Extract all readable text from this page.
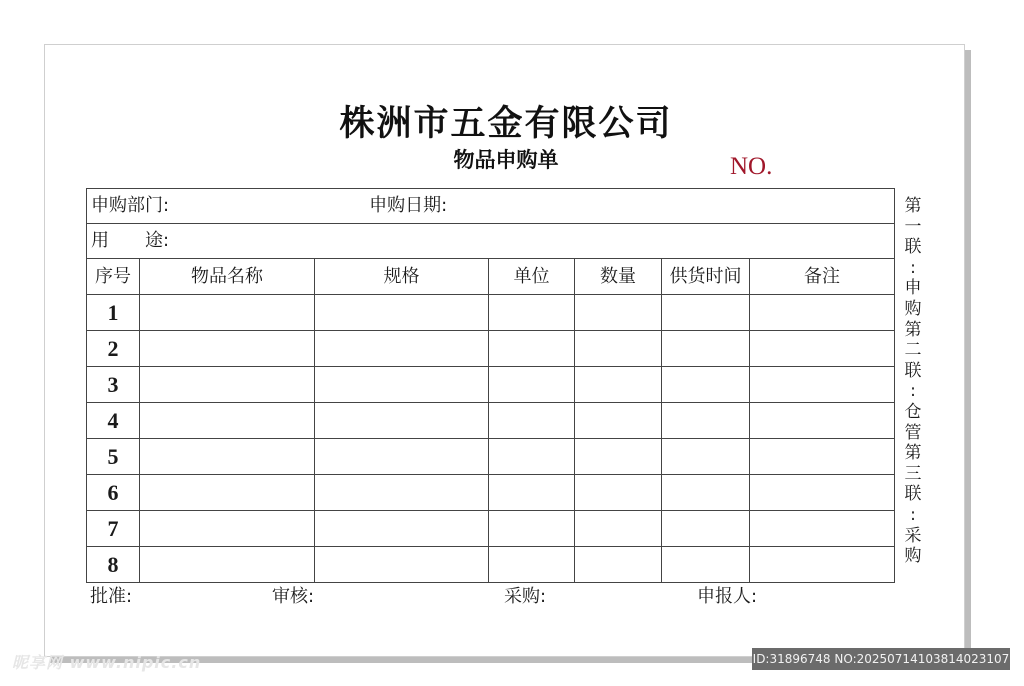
株洲市五金有限公司
物品申购单	NO.
申购部门: 申购日期:						
用　　途:						
序号	物品名称	规格	单位	数量	供货时间	备注
1						
2						
3						
4						
5						
6						
7						
8						
第
一
联
:
申
购
第
二
联
:
仓
管
第
三
联
:
采
购
批准:	审核:	采购:	申报人:
昵享网 www.nipic.cn	ID:31896748 NO:20250714103814023107
